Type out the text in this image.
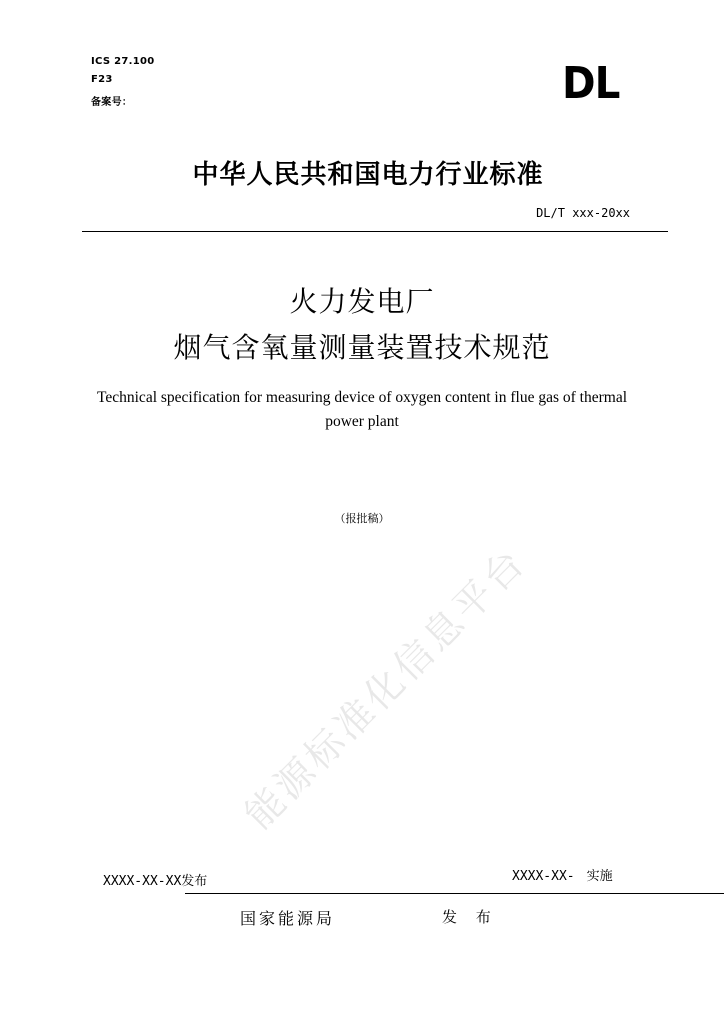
ICS 27.100
F23
备案号：	DL
中华人民共和国电力行业标准
DL/T xxx-20xx
火力发电厂
烟气含氧量测量装置技术规范
Technical specification for measuring device of oxygen content in flue gas of thermal
power plant
（报批稿）
能源标准化信息平台
XXXX-XX-XX发布	XXXX-XX- 实施
国家能源局	发 布
